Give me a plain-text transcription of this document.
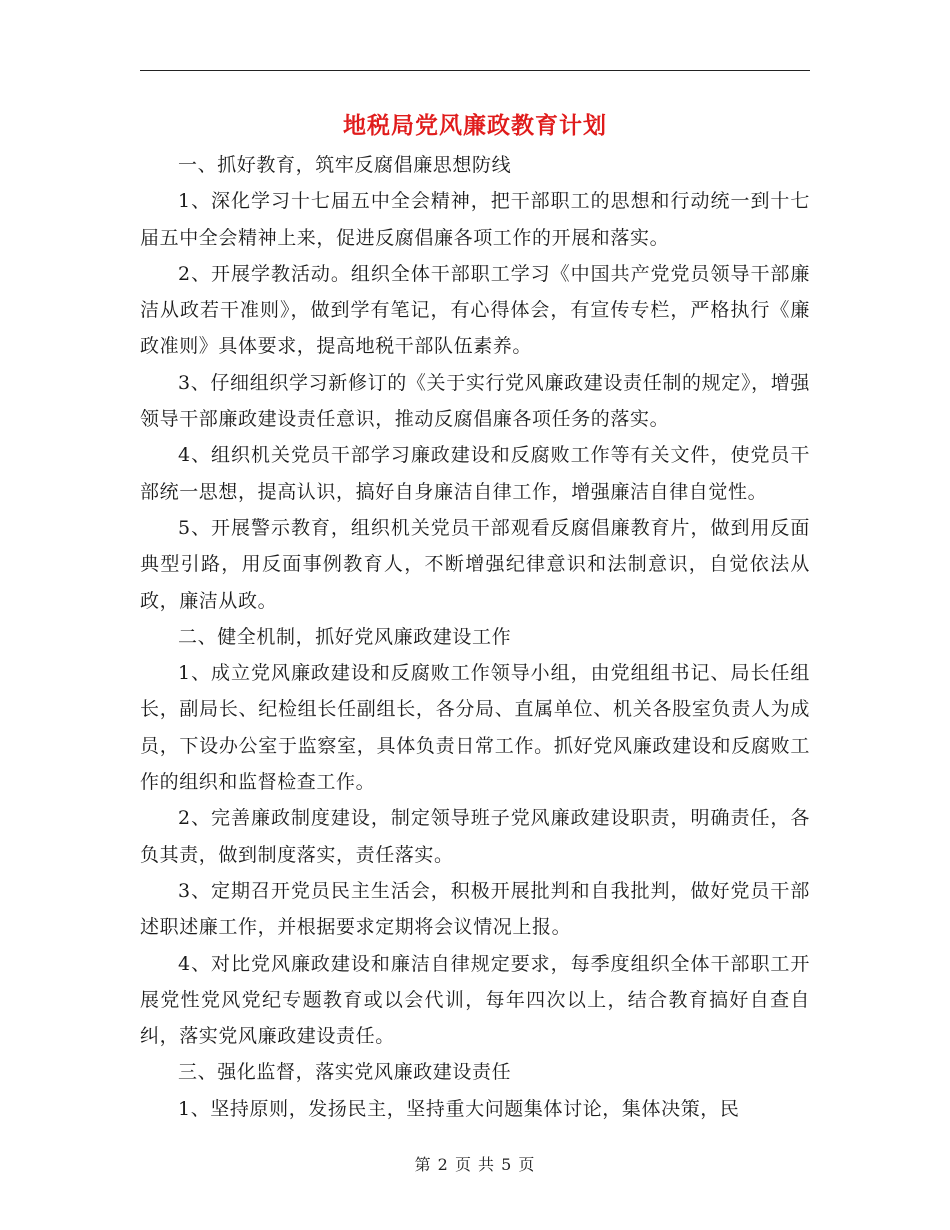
地税局党风廉政教育计划

一、抓好教育，筑牢反腐倡廉思想防线

1、深化学习十七届五中全会精神，把干部职工的思想和行动统一到十七届五中全会精神上来，促进反腐倡廉各项工作的开展和落实。

2、开展学教活动。组织全体干部职工学习《中国共产党党员领导干部廉洁从政若干准则》，做到学有笔记，有心得体会，有宣传专栏，严格执行《廉政准则》具体要求，提高地税干部队伍素养。

3、仔细组织学习新修订的《关于实行党风廉政建设责任制的规定》，增强领导干部廉政建设责任意识，推动反腐倡廉各项任务的落实。

4、组织机关党员干部学习廉政建设和反腐败工作等有关文件，使党员干部统一思想，提高认识，搞好自身廉洁自律工作，增强廉洁自律自觉性。

5、开展警示教育，组织机关党员干部观看反腐倡廉教育片，做到用反面典型引路，用反面事例教育人，不断增强纪律意识和法制意识，自觉依法从政，廉洁从政。

二、健全机制，抓好党风廉政建设工作

1、成立党风廉政建设和反腐败工作领导小组，由党组组书记、局长任组长，副局长、纪检组长任副组长，各分局、直属单位、机关各股室负责人为成员，下设办公室于监察室，具体负责日常工作。抓好党风廉政建设和反腐败工作的组织和监督检查工作。

2、完善廉政制度建设，制定领导班子党风廉政建设职责，明确责任，各负其责，做到制度落实，责任落实。

3、定期召开党员民主生活会，积极开展批判和自我批判，做好党员干部述职述廉工作，并根据要求定期将会议情况上报。

4、对比党风廉政建设和廉洁自律规定要求，每季度组织全体干部职工开展党性党风党纪专题教育或以会代训，每年四次以上，结合教育搞好自查自纠，落实党风廉政建设责任。

三、强化监督，落实党风廉政建设责任

1、坚持原则，发扬民主，坚持重大问题集体讨论，集体决策，民

第 2 页 共 5 页
